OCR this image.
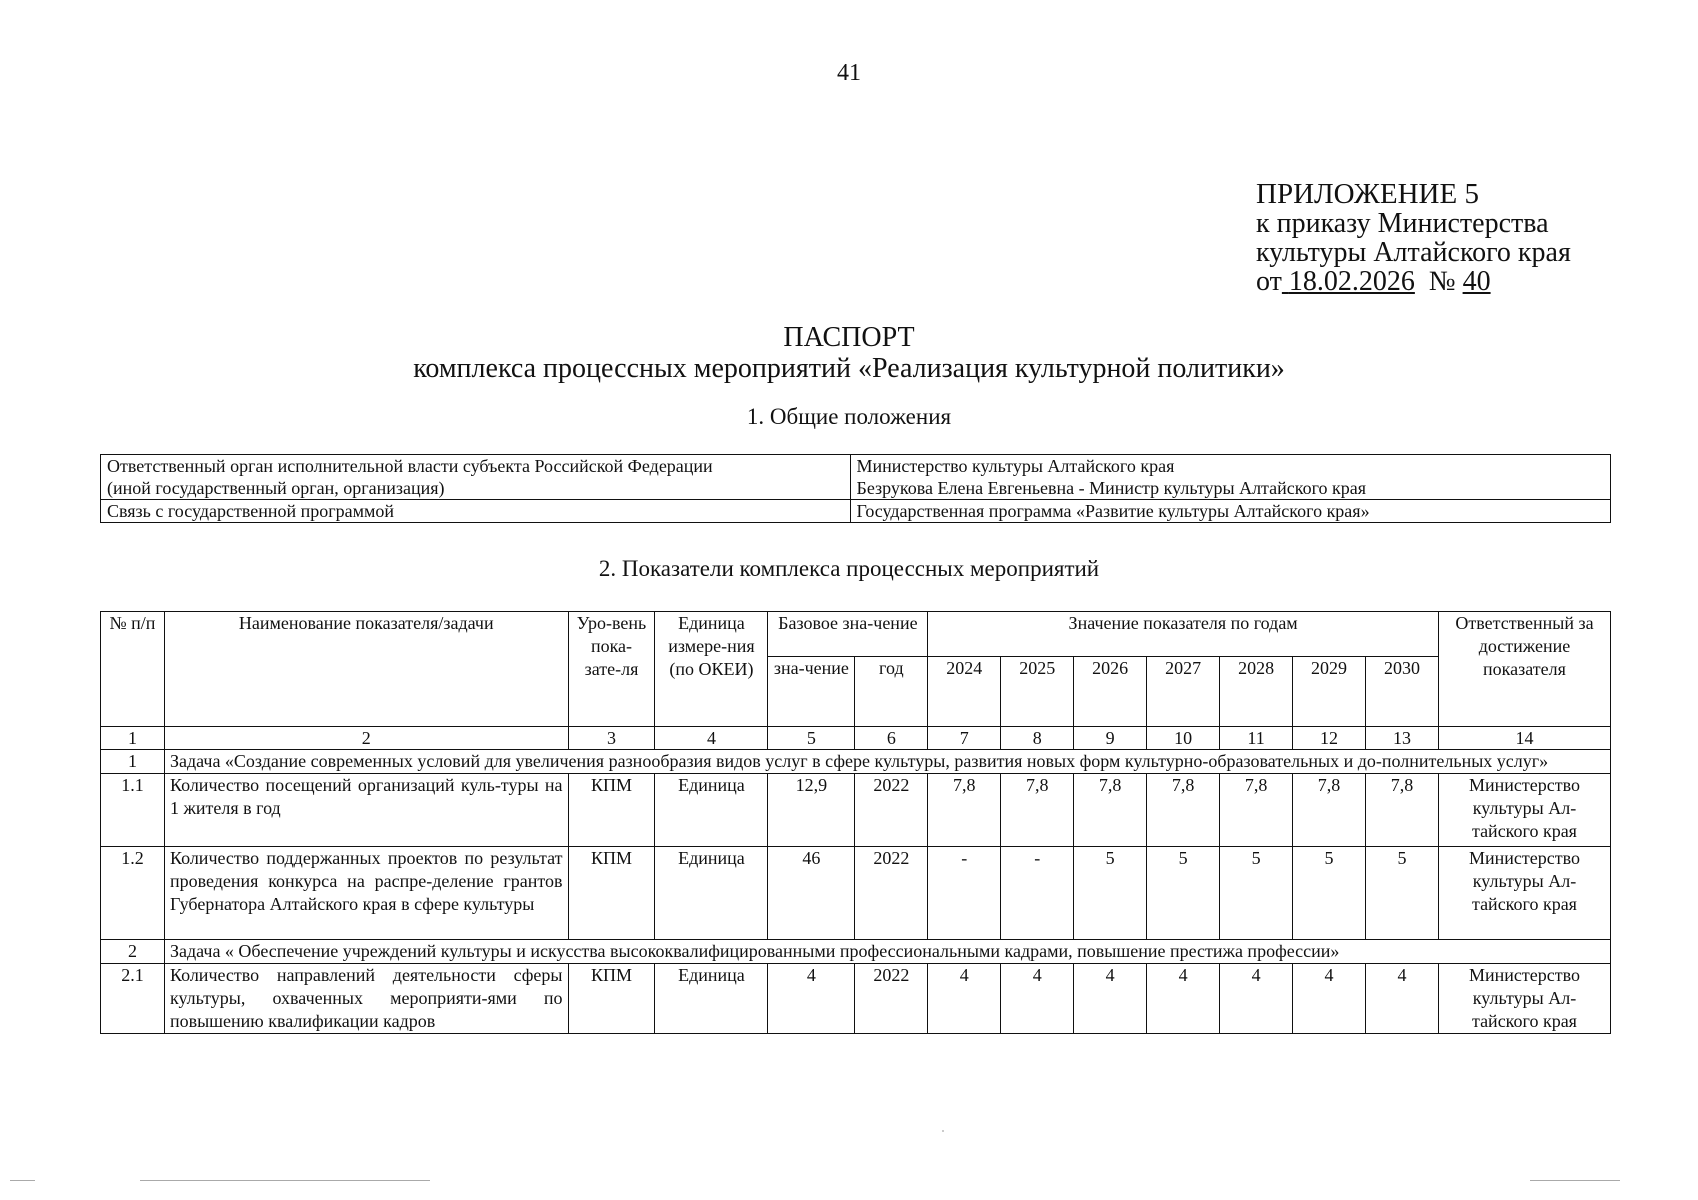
41
ПРИЛОЖЕНИЕ 5
к приказу Министерства
культуры Алтайского края
от 18.02.2026 № 40
ПАСПОРТ
комплекса процессных мероприятий «Реализация культурной политики»
1. Общие положения
Ответственный орган исполнительной власти субъекта Российской Федерации
(иной государственный орган, организация)	Министерство культуры Алтайского края
Безрукова Елена Евгеньевна - Министр культуры Алтайского края
Связь с государственной программой	Государственная программа «Развитие культуры Алтайского края»
2. Показатели комплекса процессных мероприятий
№ п/п	Наименование показателя/задачи	Уро-вень пока-зате-ля	Единица измере-ния (по ОКЕИ)	Базовое зна-чение		Значение показателя по годам							Ответственный за достижение показателя
				зна-чение	год	2024	2025	2026	2027	2028	2029	2030	
1	2	3	4	5	6	7	8	9	10	11	12	13	14
1	Задача «Создание современных условий для увеличения разнообразия видов услуг в сфере культуры, развития новых форм культурно-образовательных и до-полнительных услуг»												
1.1	Количество посещений организаций куль-туры на 1 жителя в год	КПМ	Единица	12,9	2022	7,8	7,8	7,8	7,8	7,8	7,8	7,8	Министерство культуры Ал-тайского края
1.2	Количество поддержанных проектов по результат проведения конкурса на распре-деление грантов Губернатора Алтайского края в сфере культуры	КПМ	Единица	46	2022	-	-	5	5	5	5	5	Министерство культуры Ал-тайского края
2	Задача « Обеспечение учреждений культуры и искусства высококвалифицированными профессиональными кадрами, повышение престижа профессии»												
2.1	Количество направлений деятельности сферы культуры, охваченных мероприяти-ями по повышению квалификации кадров	КПМ	Единица	4	2022	4	4	4	4	4	4	4	Министерство культуры Ал-тайского края
